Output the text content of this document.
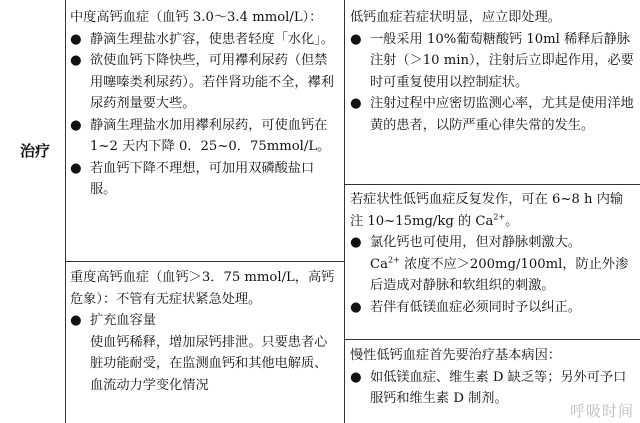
治疗

中度高钙血症（血钙 3.0～3.4 mmol/L）：

● 静滴生理盐水扩容，使患者轻度「水化」。
● 欲使血钙下降快些，可用襻利尿药（但禁用噻嗪类利尿药）。若伴肾功能不全，襻利尿药剂量要大些。
● 静滴生理盐水加用襻利尿药，可使血钙在 1~2 天内下降 0．25~0．75mmol/L。
● 若血钙下降不理想，可加用双磷酸盐口服。

重度高钙血症（血钙＞3．75 mmol/L，高钙危象）：不管有无症状紧急处理。

● 扩充血容量

使血钙稀释，增加尿钙排泄。只要患者心脏功能耐受，在监测血钙和其他电解质、血流动力学变化情况

低钙血症若症状明显，应立即处理。

● 一般采用 10%葡萄糖酸钙 10ml 稀释后静脉注射（＞10 min），注射后立即起作用，必要时可重复使用以控制症状。
● 注射过程中应密切监测心率，尤其是使用洋地黄的患者，以防严重心律失常的发生。

若症状性低钙血症反复发作，可在 6~8 h 内输注 10~15mg/kg 的 $Ca^{2+}$。

● 氯化钙也可使用，但对静脉刺激大。

$Ca^{2+}$ 浓度不应＞200mg/100ml，防止外渗后造成对静脉和软组织的刺激。

● 若伴有低镁血症必须同时予以纠正。

慢性低钙血症首先要治疗基本病因：

● 如低镁血症、维生素 D 缺乏等；另外可予口服钙和维生素 D 制剂。
呼吸时间
